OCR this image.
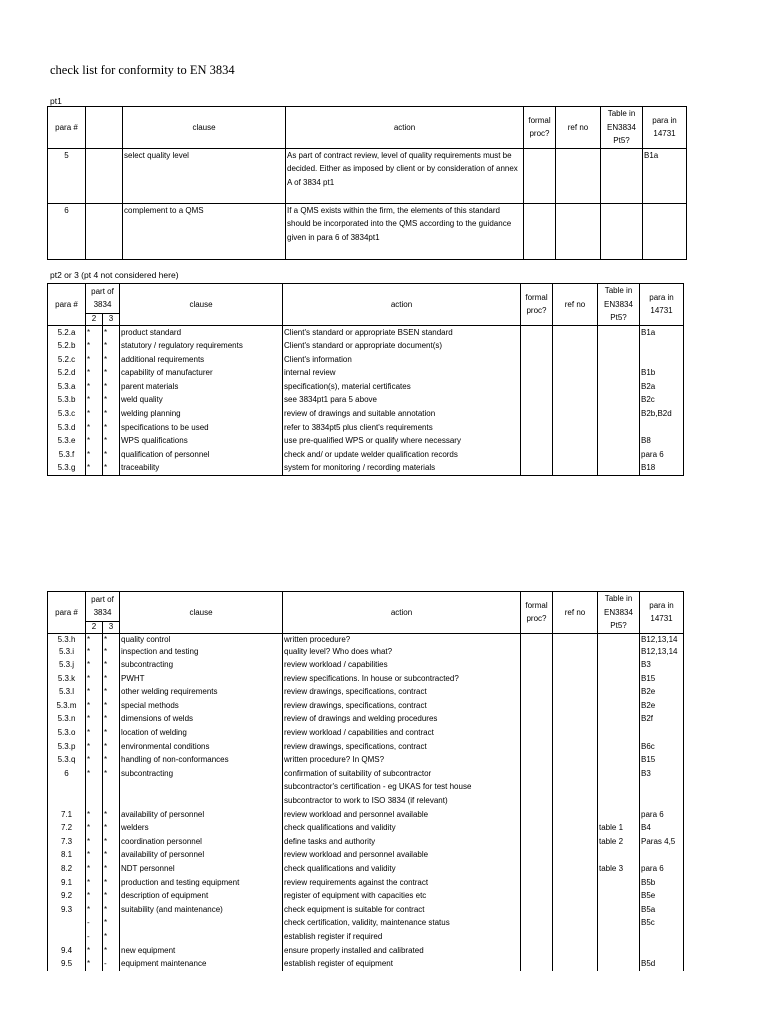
check list for conformity to EN 3834
pt1
para #		clause	action	formal proc?	ref no	Table in EN3834 Pt5?	para in 14731
5		select quality level	As part of contract review, level of quality requirements must be decided. Either as imposed by client or by consideration of annex A of 3834 pt1				B1a
6		complement to a QMS	If a QMS exists within the firm, the elements of this standard should be incorporated into the QMS according to the guidance given in para 6 of 3834pt1				
pt2 or 3 (pt 4 not considered here)
para #	part of 3834		clause	action	formal proc?	ref no	Table in EN3834 Pt5?	para in 14731
	2	3						
5.2.a	*	*	product standard	Client's standard or appropriate BSEN standard				B1a
5.2.b	*	*	statutory / regulatory requirements	Client's standard or appropriate document(s)				
5.2.c	*	*	additional requirements	Client's information				
5.2.d	*	*	capability of manufacturer	internal review				B1b

5.3.a	*	*	parent materials	specification(s), material certificates				B2a
5.3.b	*	*	weld quality	see 3834pt1 para 5 above				B2c
5.3.c	*	*	welding planning	review of drawings and suitable annotation				B2b,B2d
5.3.d	*	*	specifications to be used	refer to 3834pt5 plus client's requirements				
5.3.e	*	*	WPS qualifications	use pre-qualified WPS or qualify where necessary				B8
5.3.f	*	*	qualification of personnel	check and/ or update welder qualification records				para 6
5.3.g	*	*	traceability	system for monitoring / recording materials				B18
5.3.h	*	*	quality control	written procedure?				B12,13,14
para #	part of 3834		clause	action	formal proc?	ref no	Table in EN3834 Pt5?	para in 14731
	2	3						
5.3.i	*	*	inspection and testing	quality level? Who does what?				B12,13,14
5.3.j	*	*	subcontracting	review workload / capabilities				B3
5.3.k	*	*	PWHT	review specifications. In house or subcontracted?				B15
5.3.l	*	*	other welding requirements	review drawings, specifications, contract				B2e
5.3.m	*	*	special methods	review drawings, specifications, contract				B2e
5.3.n	*	*	dimensions of welds	review of drawings and welding procedures				B2f
5.3.o	*	*	location of welding	review workload / capabilities and contract				
5.3.p	*	*	environmental conditions	review drawings, specifications, contract				B6c
5.3.q	*	*	handling of non-conformances	written procedure? In QMS?				B15

6	*	*	subcontracting	confirmation of suitability of subcontractor				B3
				subcontractor's certification - eg UKAS for test house				
				subcontractor to work to ISO 3834 (if relevant)				

7.1	*	*	availability of personnel	review workload and personnel available				para 6
7.2	*	*	welders	check qualifications and validity			table 1	B4
7.3	*	*	coordination personnel	define tasks and authority			table 2	Paras 4,5

8.1	*	*	availability of personnel	review workload and personnel available				
8.2	*	*	NDT personnel	check qualifications and validity			table 3	para 6

9.1	*	*	production and testing equipment	review requirements against the contract				B5b
9.2	*	*	description of equipment	register of equipment with capacities etc				B5e
9.3	*	*	suitability (and maintenance)	check equipment is suitable for contract				B5a
	-	*		check certification, validity, maintenance status				B5c
	-	*		establish register if required				
9.4	*	*	new equipment	ensure properly installed and calibrated				
9.5	*	-	equipment maintenance	establish register of equipment				B5d
